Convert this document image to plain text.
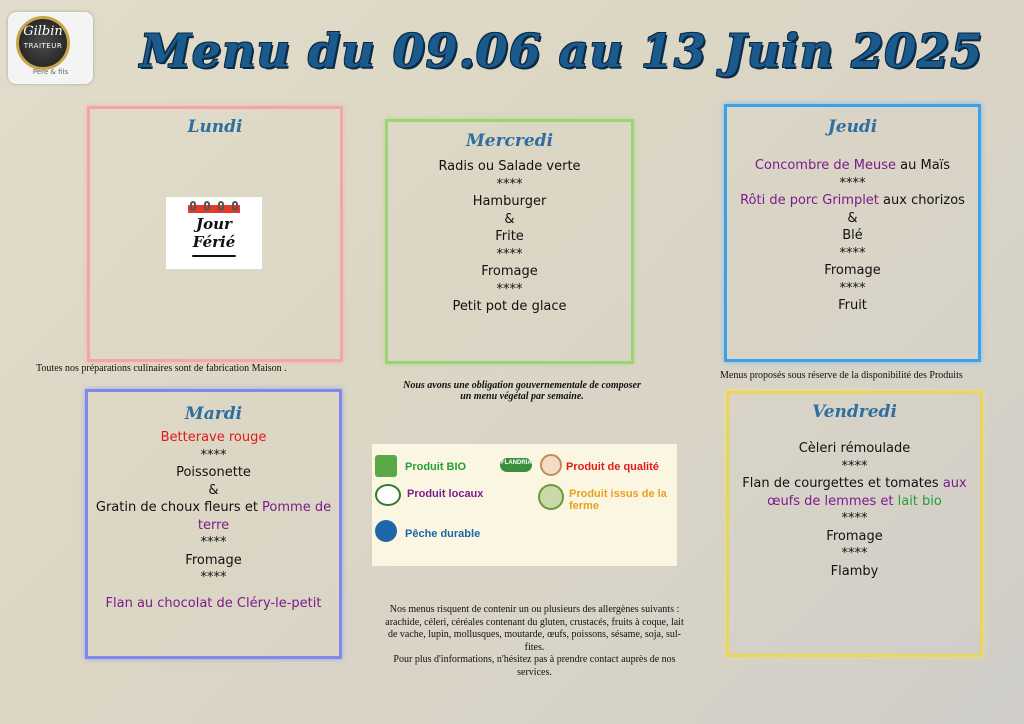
Gilbin
TRAITEUR
Père & fils	Menu du 09.06 au 13 Juin 2025
Lundi
Jour
Férié
Mercredi
Radis ou Salade verte
****
Hamburger
&
Frite
****
Fromage
****
Petit pot de glace
Jeudi
Concombre de Meuse au Maïs
****
Rôti de porc Grimplet aux chorizos
&
Blé
****
Fromage
****
Fruit
Toutes nos préparations culinaires sont de fabrication Maison .
Menus proposés sous réserve de la disponibilité des Produits
Nous avons une obligation gouvernementale de composer
un menu végétal par semaine.
Mardi
Betterave rouge
****
Poissonette
&
Gratin de choux fleurs et Pomme de terre
****
Fromage
****
Flan au chocolat de Cléry-le-petit
Produit BIO	FLANDRIA	Produit de qualité
Produit locaux	Produit issus de la ferme
Pêche durable
Vendredi
Cèleri rémoulade
****
Flan de courgettes et tomates aux œufs de lemmes et lait bio
****
Fromage
****
Flamby
Nos menus risquent de contenir un ou plusieurs des allergènes suivants :
arachide, céleri, céréales contenant du gluten, crustacés, fruits à coque, lait
de vache, lupin, mollusques, moutarde, œufs, poissons, sésame, soja, sul-
fites.
Pour plus d'informations, n'hésitez pas à prendre contact auprès de nos
services.
